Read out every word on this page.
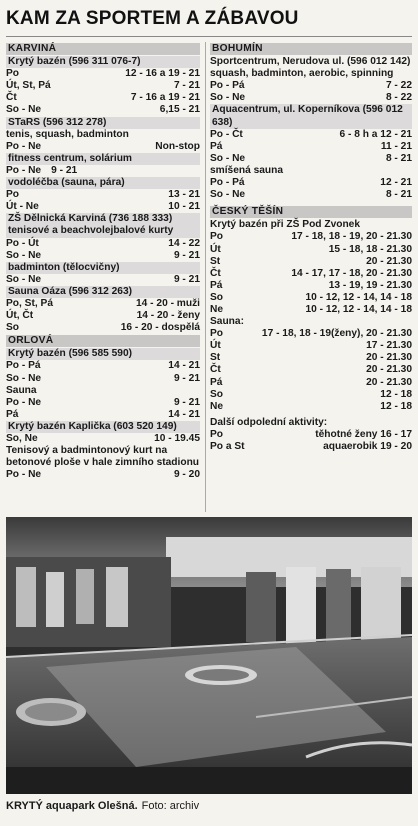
KAM ZA SPORTEM A ZÁBAVOU
KARVINÁ
Krytý bazén (596 311 076-7)
Po	12 - 16 a 19 - 21
Út, St, Pá	7 - 21
Čt	7 - 16 a 19 - 21
So - Ne	6,15 - 21
STaRS (596 312 278)
tenis, squash, badminton
Po - Ne	Non-stop
fitness centrum, solárium
Po - Ne 9 - 21
vodoléčba (sauna, pára)
Po	13 - 21
Út - Ne	10 - 21
ZŠ Dělnická Karviná (736 188 333) tenisové a beachvolejbalové kurty
Po - Út	14 - 22
So - Ne	9 - 21
badminton (tělocvičny)
So - Ne	9 - 21
Sauna Oáza (596 312 263)
Po, St, Pá	14 - 20 - muži
Út, Čt	14 - 20 - ženy
So	16 - 20 - dospělá
ORLOVÁ
Krytý bazén (596 585 590)
Po - Pá	14 - 21
So - Ne	9 - 21
Sauna
Po - Ne	9 - 21
Pá	14 - 21
Krytý bazén Kaplička (603 520 149)
So, Ne	10 - 19.45
Tenisový a badmintonový kurt na betonové ploše v hale zimního stadionu
Po - Ne	9 - 20
BOHUMÍN
Sportcentrum, Nerudova ul. (596 012 142)
squash, badminton, aerobic, spinning
Po - Pá	7 - 22
So - Ne	8 - 22
Aquacentrum, ul. Koperníkova (596 012 638)
Po - Čt	6 - 8 h a 12 - 21
Pá	11 - 21
So - Ne	8 - 21
smíšená sauna
Po - Pá	12 - 21
So - Ne	8 - 21
ČESKÝ TĚŠÍN
Krytý bazén při ZŠ Pod Zvonek
Po	17 - 18, 18 - 19, 20 - 21.30
Út	15 - 18, 18 - 21.30
St	20 - 21.30
Čt	14 - 17, 17 - 18, 20 - 21.30
Pá	13 - 19, 19 - 21.30
So	10 - 12, 12 - 14, 14 - 18
Ne	10 - 12, 12 - 14, 14 - 18
Sauna:
Po	17 - 18, 18 - 19(ženy), 20 - 21.30
Út	17 - 21.30
St	20 - 21.30
Čt	20 - 21.30
Pá	20 - 21.30
So	12 - 18
Ne	12 - 18
Další odpolední aktivity:
Po	těhotné ženy 16 - 17
Po a St	aquaerobik 19 - 20
KRYTÝ aquapark Olešná. Foto: archiv
